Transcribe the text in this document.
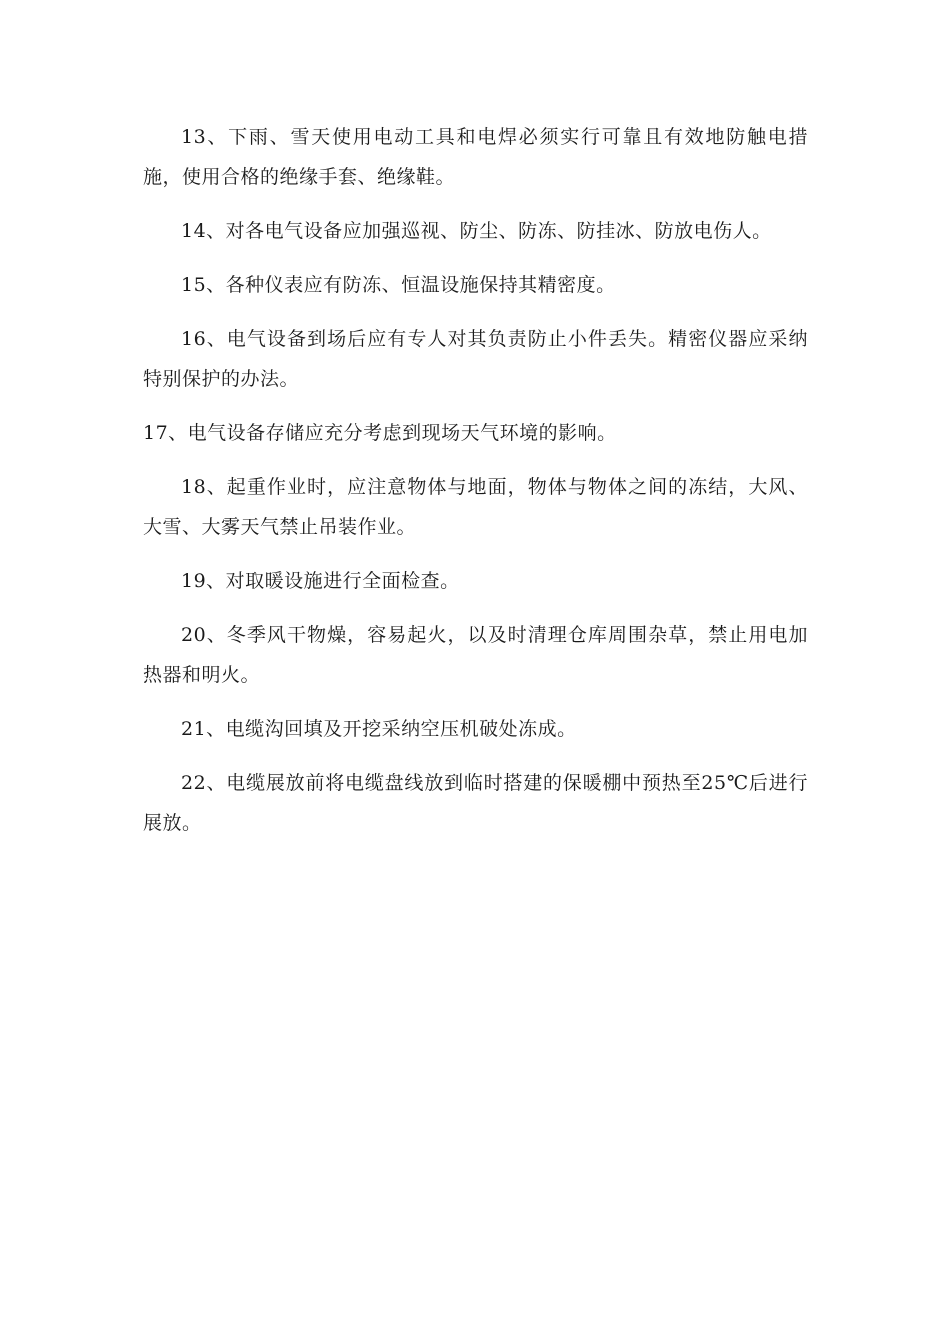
13、下雨、雪天使用电动工具和电焊必须实行可靠且有效地防触电措施，使用合格的绝缘手套、绝缘鞋。

14、对各电气设备应加强巡视、防尘、防冻、防挂冰、防放电伤人。

15、各种仪表应有防冻、恒温设施保持其精密度。

16、电气设备到场后应有专人对其负责防止小件丢失。精密仪器应采纳特别保护的办法。

17、电气设备存储应充分考虑到现场天气环境的影响。

18、起重作业时，应注意物体与地面，物体与物体之间的冻结，大风、大雪、大雾天气禁止吊装作业。

19、对取暖设施进行全面检查。

20、冬季风干物燥，容易起火，以及时清理仓库周围杂草，禁止用电加热器和明火。

21、电缆沟回填及开挖采纳空压机破处冻成。

22、电缆展放前将电缆盘线放到临时搭建的保暖棚中预热至25℃后进行展放。
